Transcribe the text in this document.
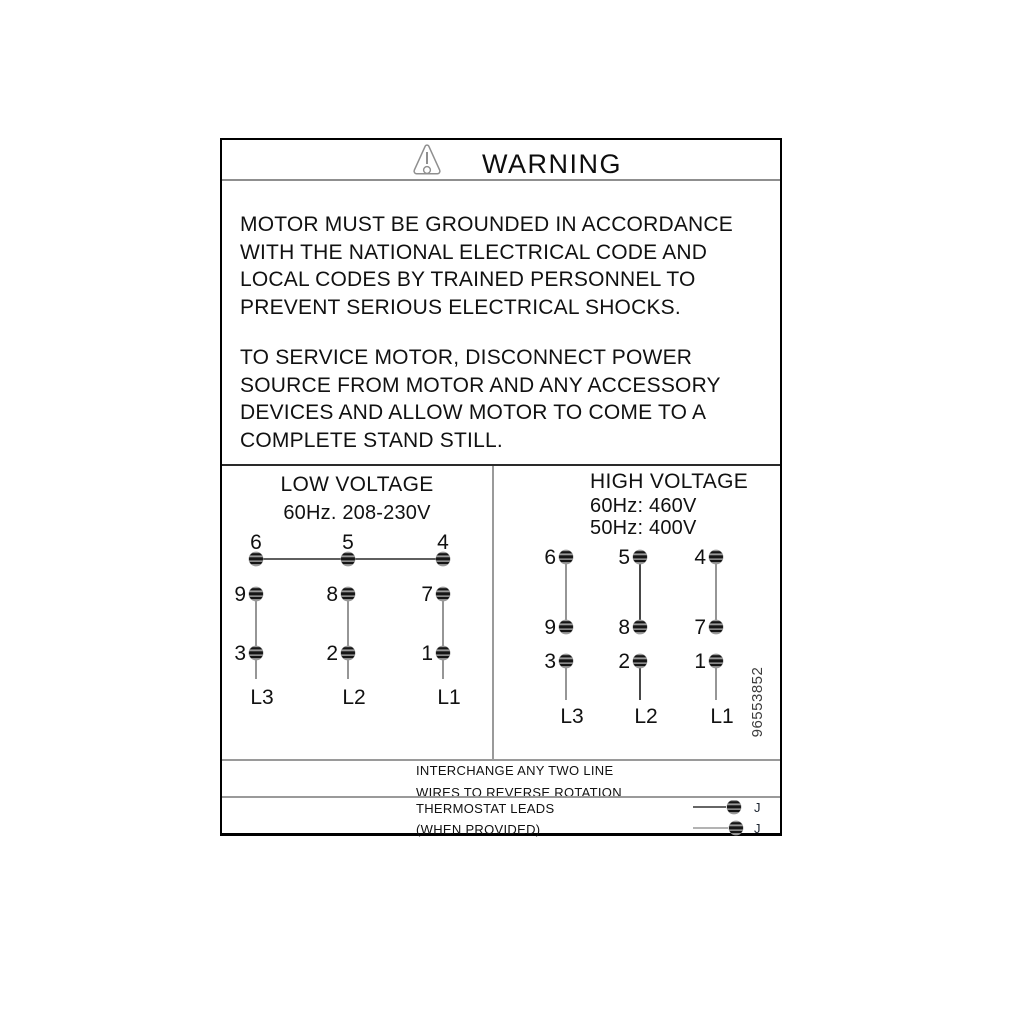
WARNING
MOTOR MUST BE GROUNDED IN ACCORDANCE
WITH THE NATIONAL ELECTRICAL CODE AND
LOCAL CODES BY TRAINED PERSONNEL TO
PREVENT SERIOUS ELECTRICAL SHOCKS.
TO SERVICE MOTOR, DISCONNECT POWER
SOURCE FROM MOTOR AND ANY ACCESSORY
DEVICES AND ALLOW MOTOR TO COME TO A
COMPLETE STAND STILL.
LOW VOLTAGE
60Hz. 208-230V
6	5	4
9	8	7
3	2	1
L3	L2	L1
HIGH VOLTAGE
60Hz: 460V
50Hz: 400V
6	5	4
9	8	7
3	2	1
L3 L2	L1 96553852
INTERCHANGE ANY TWO LINE
WIRES TO REVERSE ROTATION
THERMOSTAT LEADS
(WHEN PROVIDED)
J
J
